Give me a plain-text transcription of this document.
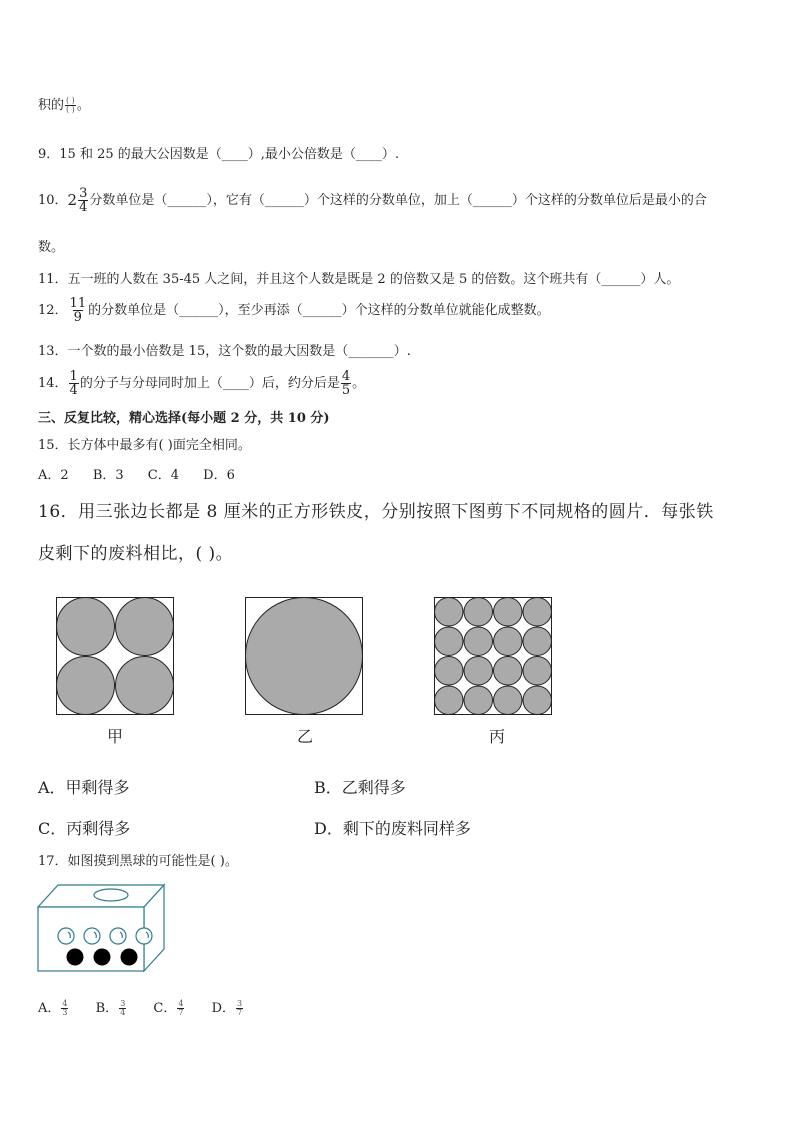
积的 $\frac{( )}{( )}$ 。
9．15 和 25 的最大公因数是（____）,最小公倍数是（____）.
10． $2 \frac{3}{4}$ 分数单位是（______），它有（______）个这样的分数单位，加上（______）个这样的分数单位后是最小的合
数。
11．五一班的人数在 35-45 人之间，并且这个人数是既是 2 的倍数又是 5 的倍数。这个班共有（______）人。
12． $\frac{11}{9}$ 的分数单位是（______），至少再添（______）个这样的分数单位就能化成整数。
13．一个数的最小倍数是 15，这个数的最大因数是（_______）.
14． $\frac{1}{4}$ 的分子与分母同时加上（____）后，约分后是 $\frac{4}{5}$ 。
三、反复比较，精心选择(每小题 2 分，共 10 分)
15．长方体中最多有( )面完全相同。
A．2 B．3 C．4 D．6
16．用三张边长都是 8 厘米的正方形铁皮，分别按照下图剪下不同规格的圆片．每张铁
皮剩下的废料相比，( )。
甲	乙	丙
A．甲剩得多	B．乙剩得多
C．丙剩得多	D．剩下的废料同样多
17．如图摸到黑球的可能性是( )。
A． $\frac{4}{3}$ B． $\frac{3}{4}$ C． $\frac{4}{7}$ D． $\frac{3}{7}$
